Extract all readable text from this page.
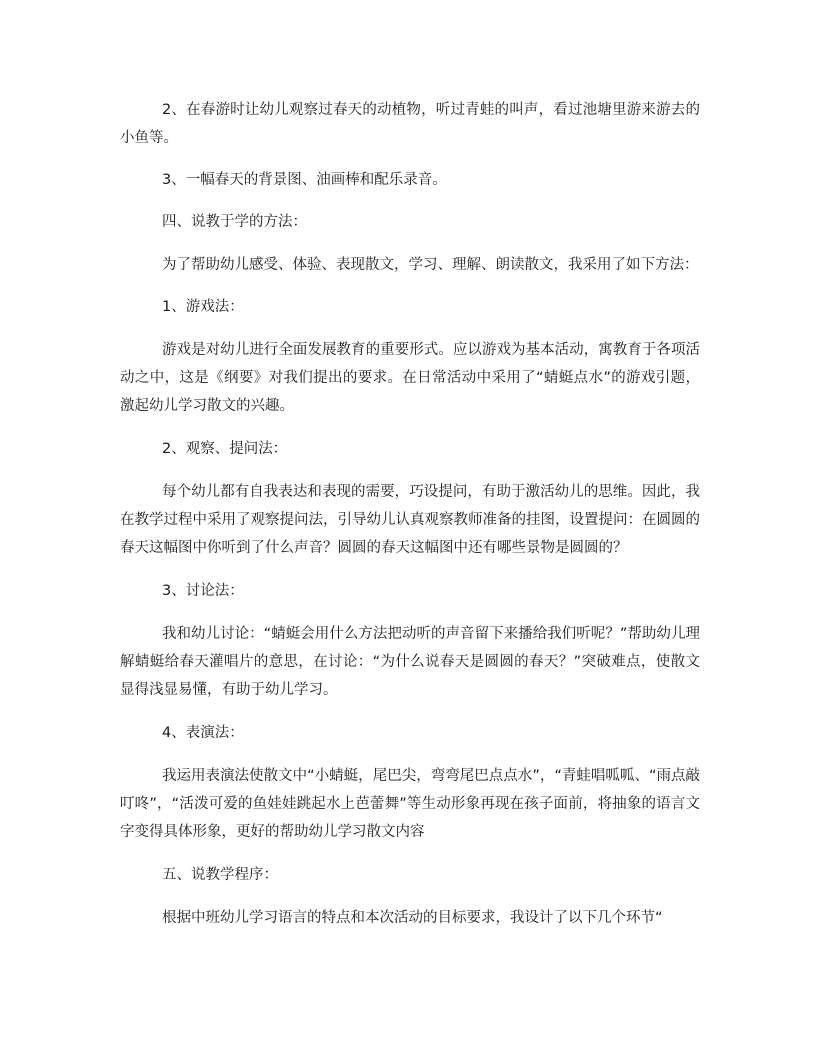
2、在春游时让幼儿观察过春天的动植物，听过青蛙的叫声，看过池塘里游来游去的小鱼等。

3、一幅春天的背景图、油画棒和配乐录音。

四、说教于学的方法：

为了帮助幼儿感受、体验、表现散文，学习、理解、朗读散文，我采用了如下方法：

1、游戏法：

游戏是对幼儿进行全面发展教育的重要形式。应以游戏为基本活动，寓教育于各项活动之中，这是《纲要》对我们提出的要求。在日常活动中采用了“蜻蜓点水”的游戏引题，激起幼儿学习散文的兴趣。

2、观察、提问法：

每个幼儿都有自我表达和表现的需要，巧设提问，有助于激活幼儿的思维。因此，我在教学过程中采用了观察提问法，引导幼儿认真观察教师准备的挂图，设置提问：在圆圆的春天这幅图中你听到了什么声音？圆圆的春天这幅图中还有哪些景物是圆圆的？

3、讨论法：

我和幼儿讨论：“蜻蜓会用什么方法把动听的声音留下来播给我们听呢？”帮助幼儿理解蜻蜓给春天灌唱片的意思，在讨论：“为什么说春天是圆圆的春天？”突破难点，使散文显得浅显易懂，有助于幼儿学习。

4、表演法：

我运用表演法使散文中“小蜻蜓，尾巴尖，弯弯尾巴点点水”，“青蛙唱呱呱、“雨点敲叮咚”，“活泼可爱的鱼娃娃跳起水上芭蕾舞”等生动形象再现在孩子面前，将抽象的语言文字变得具体形象，更好的帮助幼儿学习散文内容

五、说教学程序：

根据中班幼儿学习语言的特点和本次活动的目标要求，我设计了以下几个环节“
